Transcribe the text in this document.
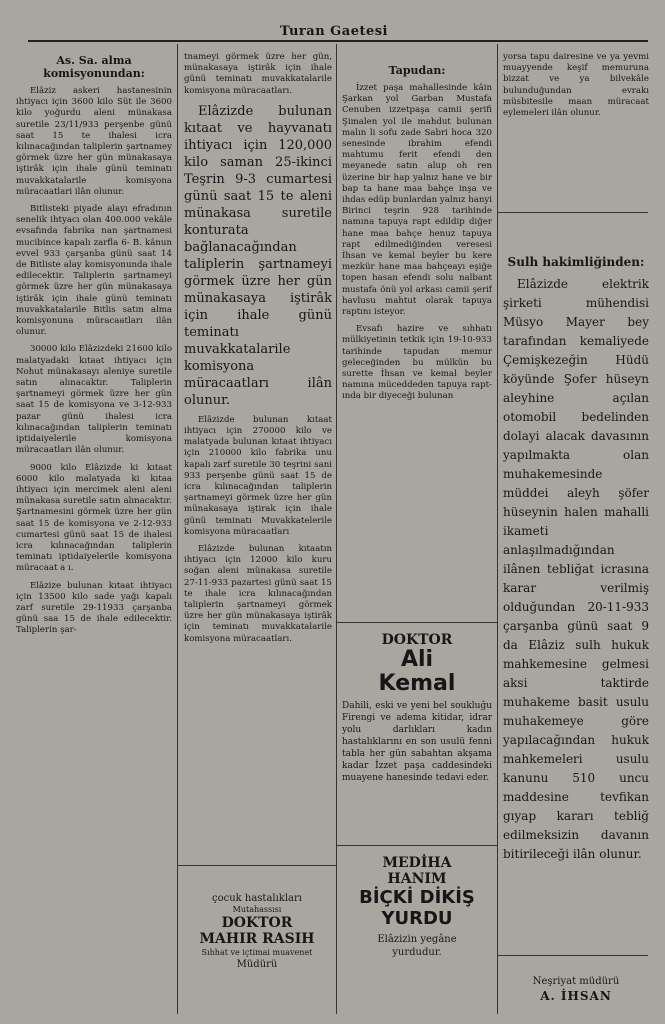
Turan Gaetesi
As. Sa. alma komisyonundan:

Elâziz askeri hastanesinin ihtiyacı için 3600 kilo Süt ile 3600 kilo yoğurdu aleni münakasa suretile 23/11/933 perşenbe günü saat 15 te ihalesi icra kılınacağından taliplerin şartnamey görmek üzre her gün münakasaya iştirâk için ihale günü teminatı muvakkatalarile komisyona müracaatlari ilân olunur.

Bitlisteki piyade alayı efradının senelik ihtyacı olan 400.000 vekâle evsafında fabrika nan şartnamesi mucibince kapalı zarfla 6- B. kânun evvel 933 çarşanba günü saat 14 de Bitliste alay komisyonunda ihale edilecektir. Taliplerin şartnameyi görmek üzre her gün münakasaya iştirâk için ihale günü teminatı muvakkatalarile Bitlis satın alma komisyonuna müracaatları ilân olunur.

30000 kilo Elâzizdeki 21600 kilo malatyadaki kıtaat ihtiyacı için Nohut münakasayı aleniye suretile satın alınacaktır. Taliplerin şartnameyi görmek üzre her gün saat 15 de komisyona ve 3-12-933 pazar günü ihalesi icra kılınacağından taliplerin teminatı iptidaiyelerile komisyona müracaatları ilân olunur.

9000 kilo Elâzizde ki kıtaat 6000 kilo malatyada ki kıtaa ihtiyacı için mercimek aleni aleni münakasa suretile satın alınacaktır. Şartnamesini görmek üzre her gün saat 15 de komisyona ve 2-12-933 cumartesi günü saat 15 de ihalesi icra kılınacağından taliplerin teminatı iptidaiyelerile komisyona müracaat a ı.

Elâzize bulunan kıtaat ihtiyacı için 13500 kilo sade yağı kapalı zarf suretile 29-11933 çarşanba günü saa 15 de ihale edilecektir. Taliplerin şar-

tnameyi görmek üzre her gün, münakasaya iştirâk için ihale günü teminatı muvakkatalarile komisyona müracaatları.

Elâzizde bulunan kıtaat ve hayvanatı ihtiyacı için 120,000 kilo saman 25-ikinci Teşrin 9-3 cumartesi günü saat 15 te aleni münakasa suretile konturata bağlanacağından taliplerin şartnameyi görmek üzre her gün münakasaya iştirâk için ihale günü teminatı muvakkatalarile komisyona müracaatları ilân olunur.

Elâzizde bulunan kıtaat ihtiyacı için 270000 kilo ve malatyada bulunan kıtaat ihtiyacı için 210000 kilo fabrika unu kapalı zarf suretile 30 teşrini sani 933 perşenbe günü saat 15 de icra kılınacağından taliplerin şartnameyi görmek üzre her gün münakasaya iştirak için ihale günü teminatı Muvakkatelerile komisyona müracaatları

Elâzizde bulunan kıtaatın ihtiyacı için 12000 kilo kuru soğan aleni münakasa suretile 27-11-933 pazartesi günü saat 15 te ihale icra kılınacağından taliplerin şartnameyi görmek üzre her gün münakasaya iştirâk için teminatı muvakkatalarile komisyona müracaatları.

çocuk hastalıkları
Mutahassısı
DOKTOR
MAHIR RASIH
Sıhhat ve içtimai muavenet
Müdürü
Tapudan:

İzzet paşa mahallesinde kâin Şarkan yol Garban Mustafa Cenuben izzetpaşa camii şerifi Şimalen yol ile mahdut bulunan malın li sofu zade Sabri hoca 320 senesinde ibrahim efendi mahtumu ferit efendi den meyanede satın alup oh ren üzerine bir hap yalnız hane ve bir bap ta hane maa bahçe inşa ve ihdas edüp bunlardan yalnız hanyi Birinci teşrin 928 tarihinde namına tapuya rapt edildip diğer hane maa bahçe henuz tapuya rapt edilmediğinden veresesi İhsan ve kemal beyler bu kere mezkür hane maa bahçeayı eşiğe topen hasan efendi solu nalbant mustafa önü yol arkası camii şerif havlusu mahtut olarak tapuya raptını isteyor.

Evsafı hazire ve sıhhatı mülkiyetinin tetkik için 19-10-933 tarihinde tapudan memur geleceğinden bu mülkün bu surette İhsan ve kemal beyler namına müceddeden tapuya rapt- ında bir diyeceği bulunan

DOKTOR
Ali
Kemal
Dahili, eski ve yeni bel soukluğu Firengi ve adema kitidar, idrar yolu darlıkları kadın hastalıklarını en son usulü fenni tabla her gün sabahtan akşama kadar İzzet paşa caddesindeki muayene hanesinde tedavi eder.
MEDİHA
HANIM
BİÇKİ DİKİŞ
YURDU
Elâzizin yegâne
yurdudur.

yorsa tapu dairesine ve ya yevmi muayyende keşif memuruna bizzat ve ya bilvekâle bulunduğundan evrakı müsbitesile maan müracaat eylemeleri ilân olunur.

Sulh hakimliğinden:

Elâzizde elektrik şirketi mühendisi Müsyo Mayer bey tarafından kemaliyede Çemişkezeğin Hüdü köyünde Şofer hüseyn aleyhine açılan otomobil bedelinden dolayi alacak davasının yapılmakta olan muhakemesinde müddei aleyh şöfer hüseynin halen mahalli ikameti anlaşılmadığından ilânen tebliğat icrasına karar verilmiş olduğundan 20-11-933 çarşanba günü saat 9 da Elâziz sulh hukuk mahkemesine gelmesi aksi taktirde muhakeme basit usulu muhakemeye göre yapılacağından hukuk mahkemeleri usulu kanunu 510 uncu maddesine tevfikan gıyap kararı tebliğ edilmeksizin davanın bitirileceği ilân olunur.

Neşriyat müdürü
A. İHSAN
